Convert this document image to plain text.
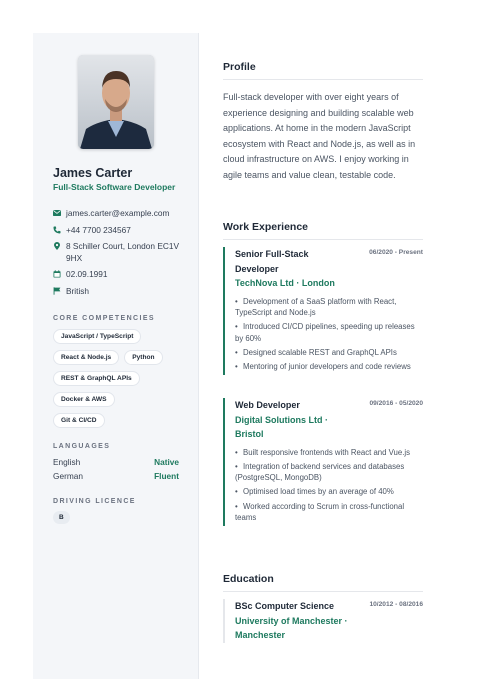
James Carter
Full-Stack Software Developer
james.carter@example.com
+44 7700 234567
8 Schiller Court, London EC1V 9HX
02.09.1991
British
CORE COMPETENCIES
JavaScript / TypeScript
React & Node.js	Python
REST & GraphQL APIs
Docker & AWS
Git & CI/CD
LANGUAGES
English	Native
German	Fluent
DRIVING LICENCE
B
Profile
Full-stack developer with over eight years of experience designing and building scalable web applications. At home in the modern JavaScript ecosystem with React and Node.js, as well as in cloud infrastructure on AWS. I enjoy working in agile teams and value clean, testable code.
Work Experience
Senior Full-Stack Developer
06/2020 - Present
TechNova Ltd · London
• Development of a SaaS platform with React, TypeScript and Node.js
• Introduced CI/CD pipelines, speeding up releases by 60%
• Designed scalable REST and GraphQL APIs
• Mentoring of junior developers and code reviews
Web Developer	09/2016 - 05/2020
Digital Solutions Ltd · Bristol
• Built responsive frontends with React and Vue.js
• Integration of backend services and databases (PostgreSQL, MongoDB)
• Optimised load times by an average of 40%
• Worked according to Scrum in cross-functional teams
Education
BSc Computer Science	10/2012 - 08/2016
University of Manchester · Manchester
